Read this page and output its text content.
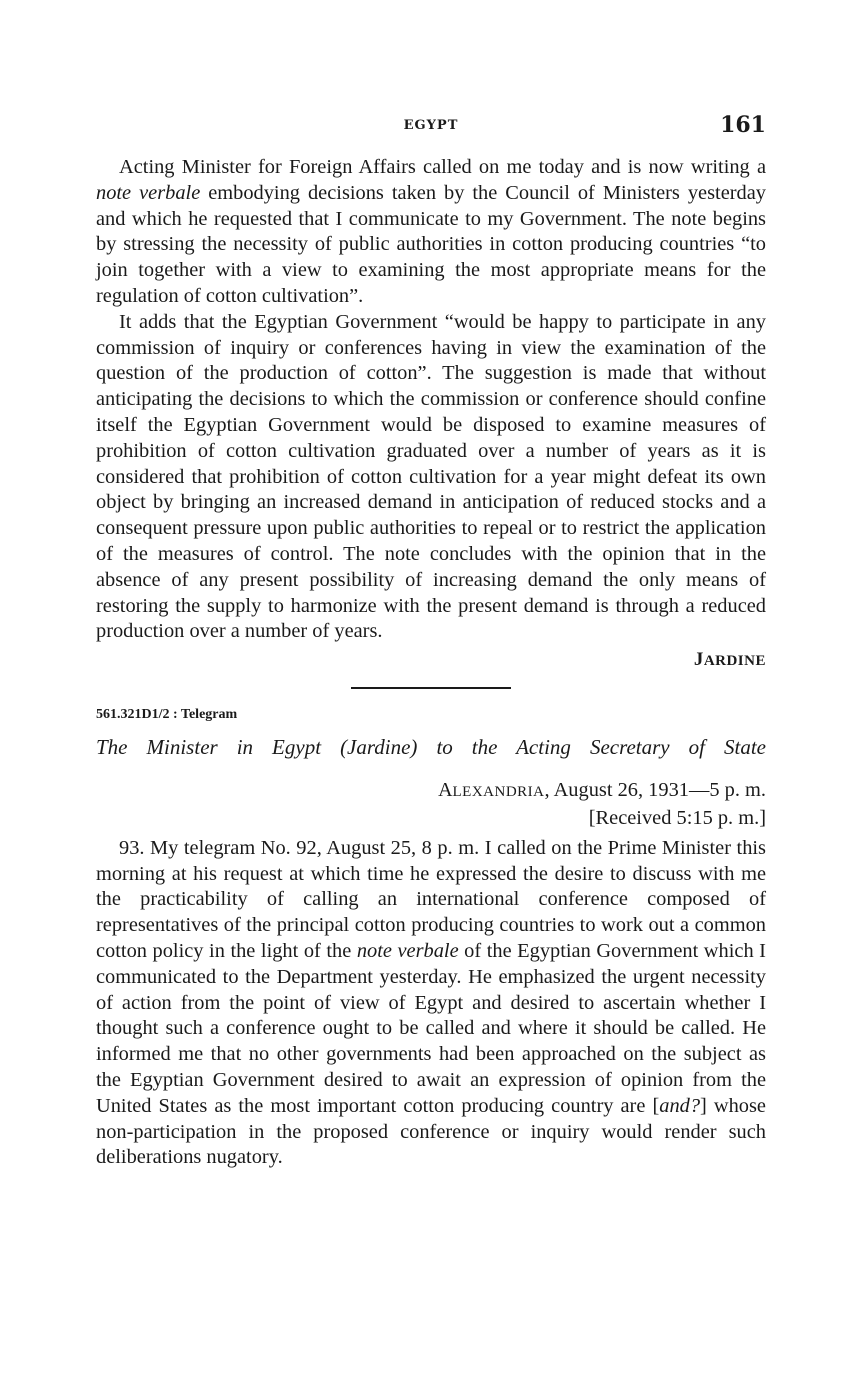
EGYPT	161

Acting Minister for Foreign Affairs called on me today and is now writing a note verbale embodying decisions taken by the Council of Ministers yesterday and which he requested that I communicate to my Government. The note begins by stressing the necessity of public authorities in cotton producing countries “to join together with a view to examining the most appropriate means for the regulation of cotton cultivation”.

It adds that the Egyptian Government “would be happy to participate in any commission of inquiry or conferences having in view the examination of the question of the production of cotton”. The suggestion is made that without anticipating the decisions to which the commission or conference should confine itself the Egyptian Government would be disposed to examine measures of prohibition of cotton cultivation graduated over a number of years as it is considered that prohibition of cotton cultivation for a year might defeat its own object by bringing an increased demand in anticipation of reduced stocks and a consequent pressure upon public authorities to repeal or to restrict the application of the measures of control. The note concludes with the opinion that in the absence of any present possibility of increasing demand the only means of restoring the supply to harmonize with the present demand is through a reduced production over a number of years.

JARDINE
561.321D1/2 : Telegram
The Minister in Egypt (Jardine) to the Acting Secretary of State
ALEXANDRIA, August 26, 1931—5 p. m.
[Received 5:15 p. m.]

93. My telegram No. 92, August 25, 8 p. m. I called on the Prime Minister this morning at his request at which time he expressed the desire to discuss with me the practicability of calling an international conference composed of representatives of the principal cotton producing countries to work out a common cotton policy in the light of the note verbale of the Egyptian Government which I communicated to the Department yesterday. He emphasized the urgent necessity of action from the point of view of Egypt and desired to ascertain whether I thought such a conference ought to be called and where it should be called. He informed me that no other governments had been approached on the subject as the Egyptian Government desired to await an expression of opinion from the United States as the most important cotton producing country are [and?] whose non-participation in the proposed conference or inquiry would render such deliberations nugatory.
